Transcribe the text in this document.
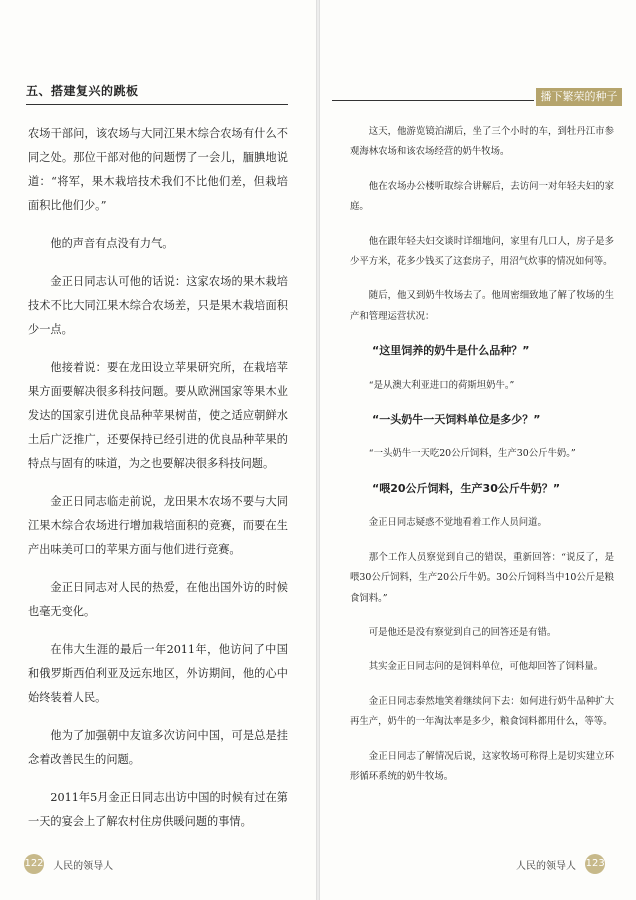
五、搭建复兴的跳板

农场干部问，该农场与大同江果木综合农场有什么不同之处。那位干部对他的问题愣了一会儿，腼腆地说道：“将军，果木栽培技术我们不比他们差，但栽培面积比他们少。”

他的声音有点没有力气。

金正日同志认可他的话说：这家农场的果木栽培技术不比大同江果木综合农场差，只是果木栽培面积少一点。

他接着说：要在龙田设立苹果研究所，在栽培苹果方面要解决很多科技问题。要从欧洲国家等果木业发达的国家引进优良品种苹果树苗，使之适应朝鲜水土后广泛推广，还要保持已经引进的优良品种苹果的特点与固有的味道，为之也要解决很多科技问题。

金正日同志临走前说，龙田果木农场不要与大同江果木综合农场进行增加栽培面积的竞赛，而要在生产出味美可口的苹果方面与他们进行竞赛。

金正日同志对人民的热爱，在他出国外访的时候也毫无变化。

在伟大生涯的最后一年2011年，他访问了中国和俄罗斯西伯利亚及远东地区，外访期间，他的心中始终装着人民。

他为了加强朝中友谊多次访问中国，可是总是挂念着改善民生的问题。

2011年5月金正日同志出访中国的时候有过在第一天的宴会上了解农村住房供暖问题的事情。

122 人民的领导人
播下繁荣的种子

这天，他游览镜泊湖后，坐了三个小时的车，到牡丹江市参观海林农场和该农场经营的奶牛牧场。

他在农场办公楼听取综合讲解后，去访问一对年轻夫妇的家庭。

他在跟年轻夫妇交谈时详细地问，家里有几口人，房子是多少平方米，花多少钱买了这套房子，用沼气炊事的情况如何等。

随后，他又到奶牛牧场去了。他周密细致地了解了牧场的生产和管理运营状况：

“这里饲养的奶牛是什么品种？”

“是从澳大利亚进口的荷斯坦奶牛。”

“一头奶牛一天饲料单位是多少？”

“一头奶牛一天吃20公斤饲料，生产30公斤牛奶。”

“喂20公斤饲料，生产30公斤牛奶？”

金正日同志疑惑不觉地看着工作人员问道。

那个工作人员察觉到自己的错误，重新回答：“说反了，是喂30公斤饲料，生产20公斤牛奶。30公斤饲料当中10公斤是粮食饲料。”

可是他还是没有察觉到自己的回答还是有错。

其实金正日同志问的是饲料单位，可他却回答了饲料量。

金正日同志泰然地笑着继续问下去：如何进行奶牛品种扩大再生产，奶牛的一年淘汰率是多少，粮食饲料都用什么，等等。

金正日同志了解情况后说，这家牧场可称得上是切实建立环形循环系统的奶牛牧场。

人民的领导人 123
